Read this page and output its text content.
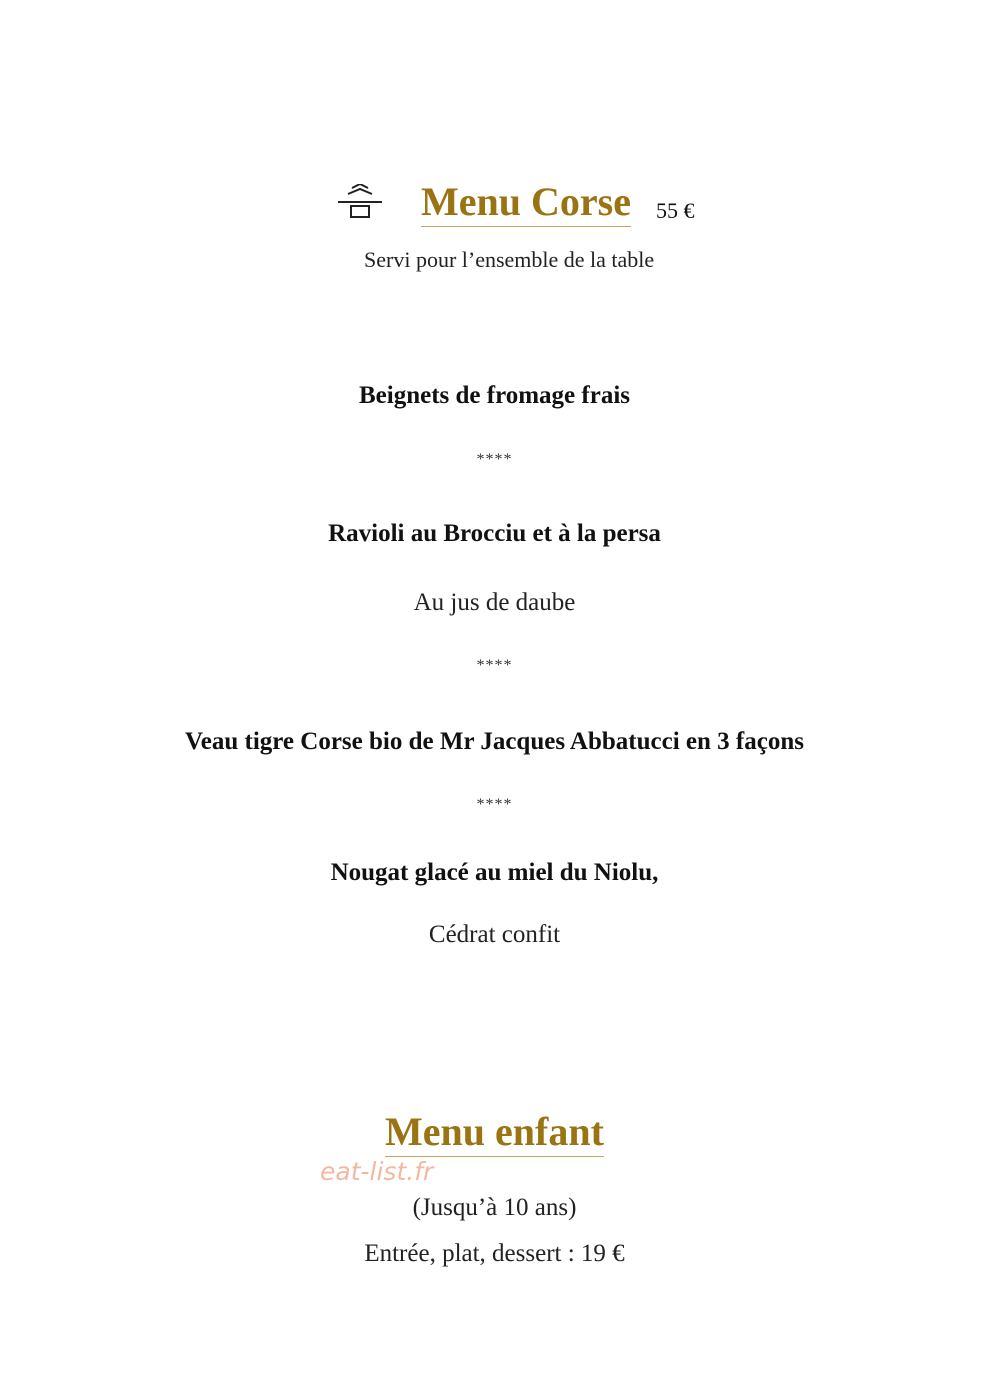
Menu Corse 55 €
Servi pour l’ensemble de la table
Beignets de fromage frais
****
Ravioli au Brocciu et à la persa
Au jus de daube
****
Veau tigre Corse bio de Mr Jacques Abbatucci en 3 façons
****
Nougat glacé au miel du Niolu,
Cédrat confit
Menu enfant
eat-list.fr
(Jusqu’à 10 ans)
Entrée, plat, dessert : 19 €
